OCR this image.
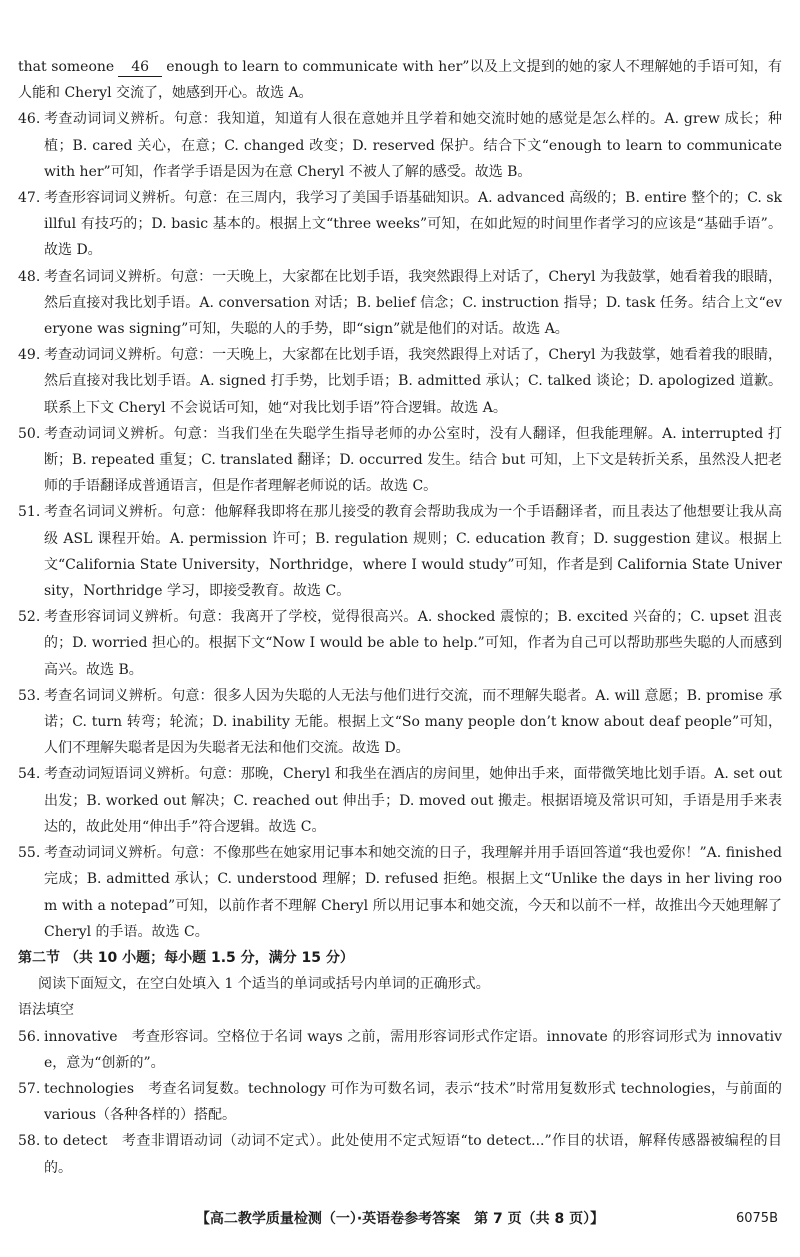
that someone 46 enough to learn to communicate with her”以及上文提到的她的家人不理解她的手语可知，有人能和 Cheryl 交流了，她感到开心。故选 A。

46. 考查动词词义辨析。句意：我知道，知道有人很在意她并且学着和她交流时她的感觉是怎么样的。A. grew 成长；种植；B. cared 关心，在意；C. changed 改变；D. reserved 保护。结合下文“enough to learn to communicate with her”可知，作者学手语是因为在意 Cheryl 不被人了解的感受。故选 B。
47. 考查形容词词义辨析。句意：在三周内，我学习了美国手语基础知识。A. advanced 高级的；B. entire 整个的；C. skillful 有技巧的；D. basic 基本的。根据上文“three weeks”可知，在如此短的时间里作者学习的应该是“基础手语”。故选 D。
48. 考查名词词义辨析。句意：一天晚上，大家都在比划手语，我突然跟得上对话了，Cheryl 为我鼓掌，她看着我的眼睛，然后直接对我比划手语。A. conversation 对话；B. belief 信念；C. instruction 指导；D. task 任务。结合上文“everyone was signing”可知，失聪的人的手势，即“sign”就是他们的对话。故选 A。
49. 考查动词词义辨析。句意：一天晚上，大家都在比划手语，我突然跟得上对话了，Cheryl 为我鼓掌，她看着我的眼睛，然后直接对我比划手语。A. signed 打手势，比划手语；B. admitted 承认；C. talked 谈论；D. apologized 道歉。联系上下文 Cheryl 不会说话可知，她“对我比划手语”符合逻辑。故选 A。
50. 考查动词词义辨析。句意：当我们坐在失聪学生指导老师的办公室时，没有人翻译，但我能理解。A. interrupted 打断；B. repeated 重复；C. translated 翻译；D. occurred 发生。结合 but 可知，上下文是转折关系，虽然没人把老师的手语翻译成普通语言，但是作者理解老师说的话。故选 C。
51. 考查名词词义辨析。句意：他解释我即将在那儿接受的教育会帮助我成为一个手语翻译者，而且表达了他想要让我从高级 ASL 课程开始。A. permission 许可；B. regulation 规则；C. education 教育；D. suggestion 建议。根据上文“California State University，Northridge，where I would study”可知，作者是到 California State University，Northridge 学习，即接受教育。故选 C。
52. 考查形容词词义辨析。句意：我离开了学校，觉得很高兴。A. shocked 震惊的；B. excited 兴奋的；C. upset 沮丧的；D. worried 担心的。根据下文“Now I would be able to help.”可知，作者为自己可以帮助那些失聪的人而感到高兴。故选 B。
53. 考查名词词义辨析。句意：很多人因为失聪的人无法与他们进行交流，而不理解失聪者。A. will 意愿；B. promise 承诺；C. turn 转弯；轮流；D. inability 无能。根据上文“So many people don’t know about deaf people”可知，人们不理解失聪者是因为失聪者无法和他们交流。故选 D。
54. 考查动词短语词义辨析。句意：那晚，Cheryl 和我坐在酒店的房间里，她伸出手来，面带微笑地比划手语。A. set out 出发；B. worked out 解决；C. reached out 伸出手；D. moved out 搬走。根据语境及常识可知，手语是用手来表达的，故此处用“伸出手”符合逻辑。故选 C。
55. 考查动词词义辨析。句意：不像那些在她家用记事本和她交流的日子，我理解并用手语回答道“我也爱你！”A. finished 完成；B. admitted 承认；C. understood 理解；D. refused 拒绝。根据上文“Unlike the days in her living room with a notepad”可知，以前作者不理解 Cheryl 所以用记事本和她交流，今天和以前不一样，故推出今天她理解了 Cheryl 的手语。故选 C。

第二节 （共 10 小题；每小题 1.5 分，满分 15 分）

阅读下面短文，在空白处填入 1 个适当的单词或括号内单词的正确形式。

语法填空

56. innovative 考查形容词。空格位于名词 ways 之前，需用形容词形式作定语。innovate 的形容词形式为 innovative，意为“创新的”。
57. technologies 考查名词复数。technology 可作为可数名词，表示“技术”时常用复数形式 technologies，与前面的 various（各种各样的）搭配。
58. to detect 考查非谓语动词（动词不定式）。此处使用不定式短语“to detect...”作目的状语，解释传感器被编程的目的。
【高二教学质量检测（一）·英语卷参考答案　第 7 页（共 8 页）】	6075B
